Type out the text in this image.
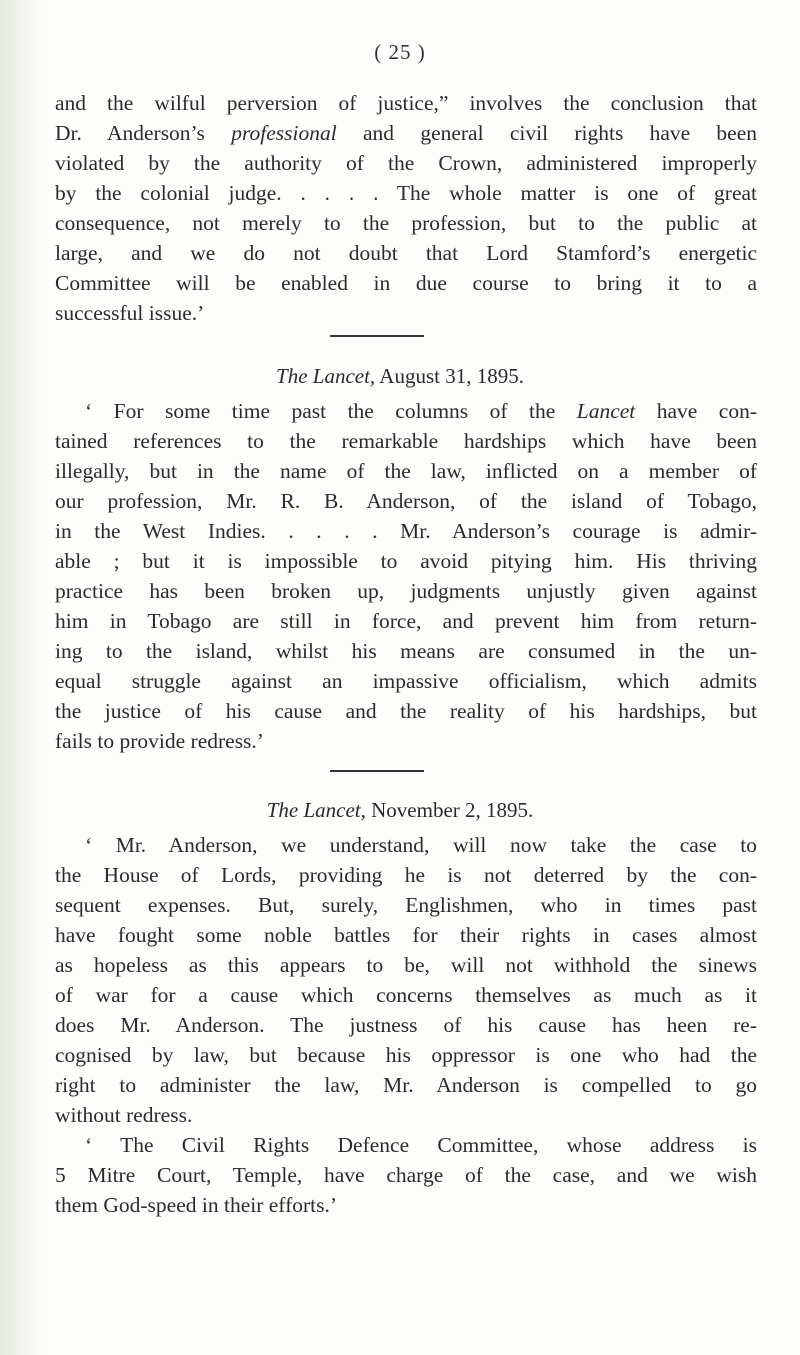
( 25 )
and the wilful perversion of justice,” involves the conclusion that
Dr. Anderson’s professional and general civil rights have been
violated by the authority of the Crown, administered improperly
by the colonial judge. . . . . The whole matter is one of great
consequence, not merely to the profession, but to the public at
large, and we do not doubt that Lord Stamford’s energetic
Committee will be enabled in due course to bring it to a
successful issue.’
The Lancet, August 31, 1895.
‘ For some time past the columns of the Lancet have con-
tained references to the remarkable hardships which have been
illegally, but in the name of the law, inflicted on a member of
our profession, Mr. R. B. Anderson, of the island of Tobago,
in the West Indies. . . . . Mr. Anderson’s courage is admir-
able ; but it is impossible to avoid pitying him. His thriving
practice has been broken up, judgments unjustly given against
him in Tobago are still in force, and prevent him from return-
ing to the island, whilst his means are consumed in the un-
equal struggle against an impassive officialism, which admits
the justice of his cause and the reality of his hardships, but
fails to provide redress.’
The Lancet, November 2, 1895.
‘ Mr. Anderson, we understand, will now take the case to
the House of Lords, providing he is not deterred by the con-
sequent expenses. But, surely, Englishmen, who in times past
have fought some noble battles for their rights in cases almost
as hopeless as this appears to be, will not withhold the sinews
of war for a cause which concerns themselves as much as it
does Mr. Anderson. The justness of his cause has heen re-
cognised by law, but because his oppressor is one who had the
right to administer the law, Mr. Anderson is compelled to go
without redress.
‘ The Civil Rights Defence Committee, whose address is
5 Mitre Court, Temple, have charge of the case, and we wish
them God-speed in their efforts.’
